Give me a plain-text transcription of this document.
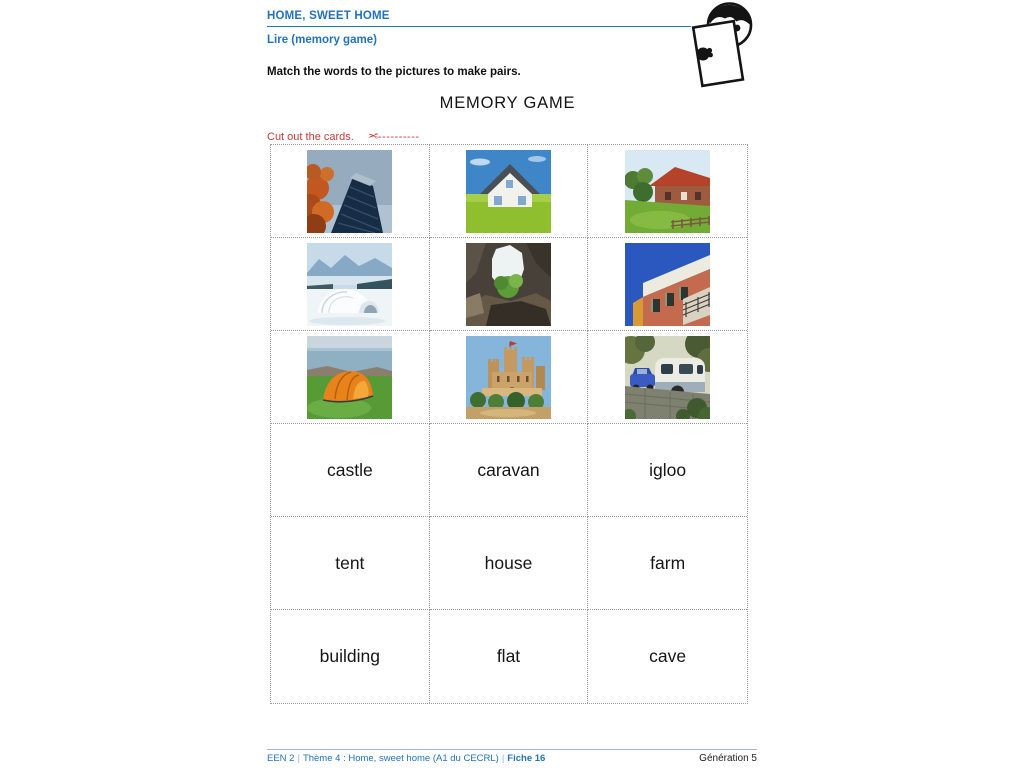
HOME, SWEET HOME
Lire (memory game)
Match the words to the pictures to make pairs.
MEMORY GAME
Cut out the cards. ✂----------
castle	caravan	igloo
tent	house	farm
building	flat	cave
EEN 2 | Thème 4 : Home, sweet home (A1 du CECRL) | Fiche 16	Génération 5
